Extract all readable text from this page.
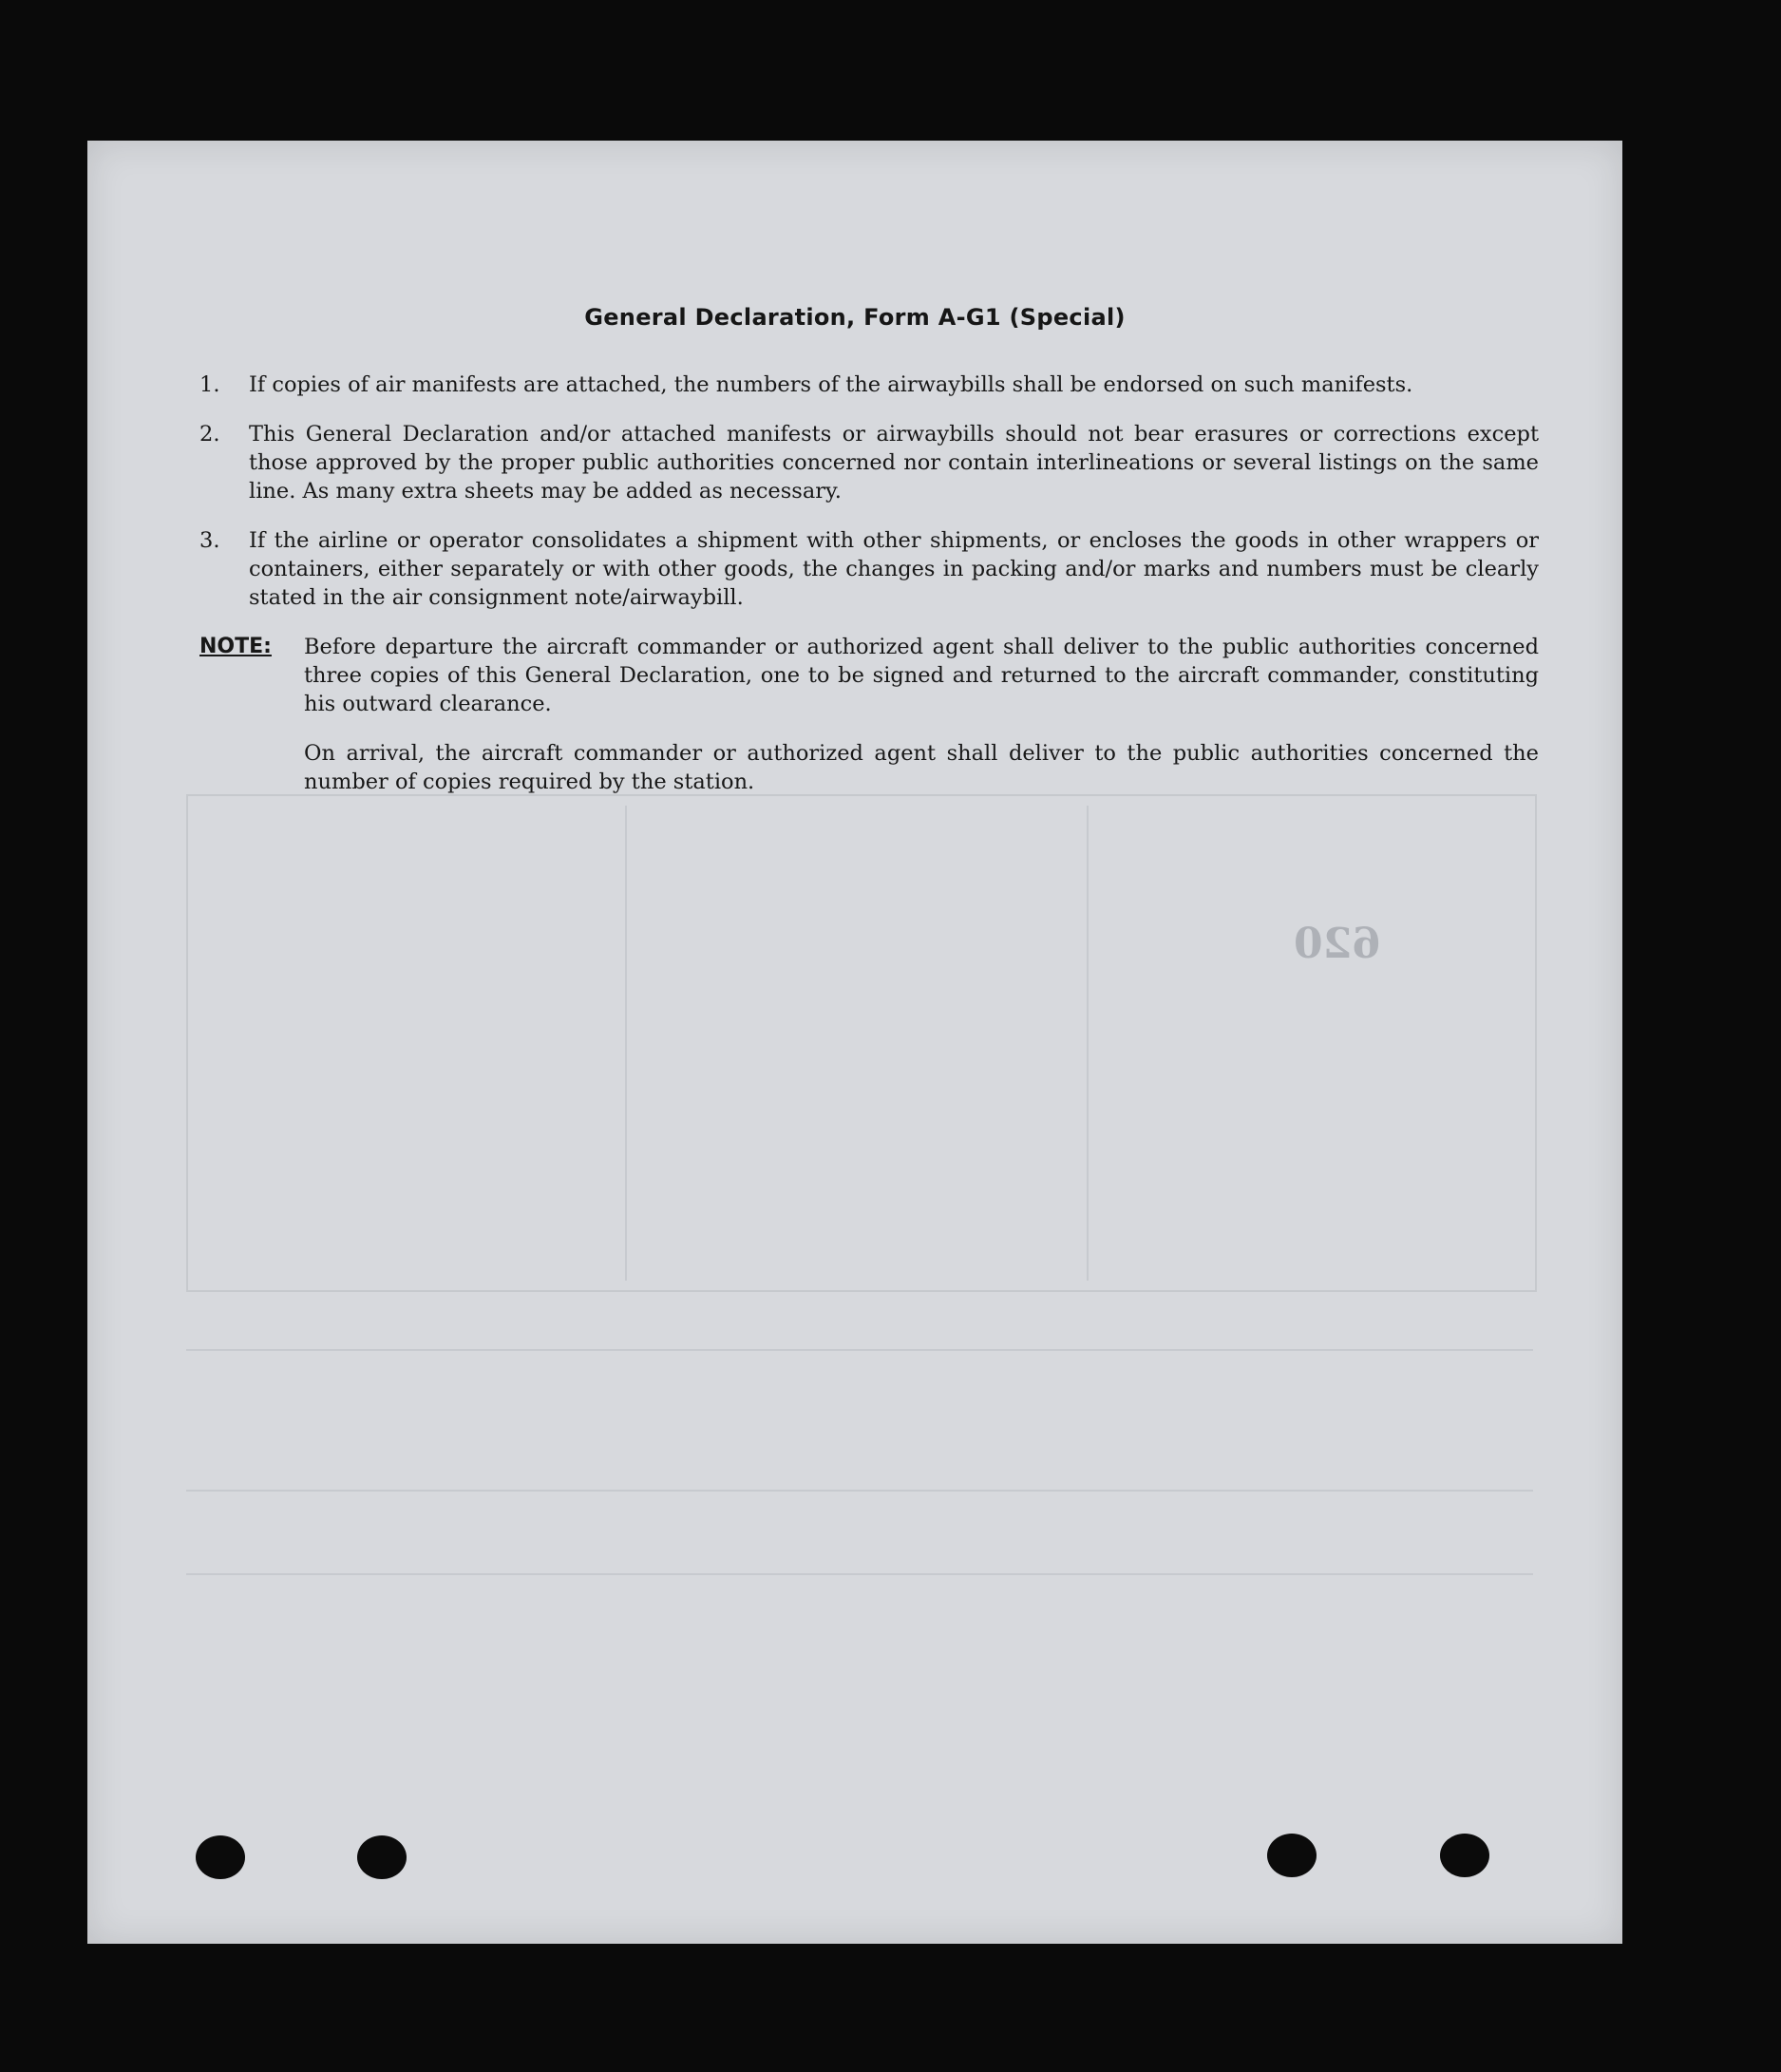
620
General Declaration, Form A-G1 (Special)
1.	If copies of air manifests are attached, the numbers of the airwaybills shall be endorsed on such manifests.
2.	This General Declaration and/or attached manifests or airwaybills should not bear erasures or corrections except those approved by the proper public authorities concerned nor contain interlineations or several listings on the same line. As many extra sheets may be added as necessary.
3.	If the airline or operator consolidates a shipment with other shipments, or encloses the goods in other wrappers or containers, either separately or with other goods, the changes in packing and/or marks and numbers must be clearly stated in the air consignment note/airwaybill.
NOTE:	Before departure the aircraft commander or authorized agent shall deliver to the public authorities concerned three copies of this General Declaration, one to be signed and returned to the aircraft commander, constituting his outward clearance.

On arrival, the aircraft commander or authorized agent shall deliver to the public authorities concerned the number of copies required by the station.
